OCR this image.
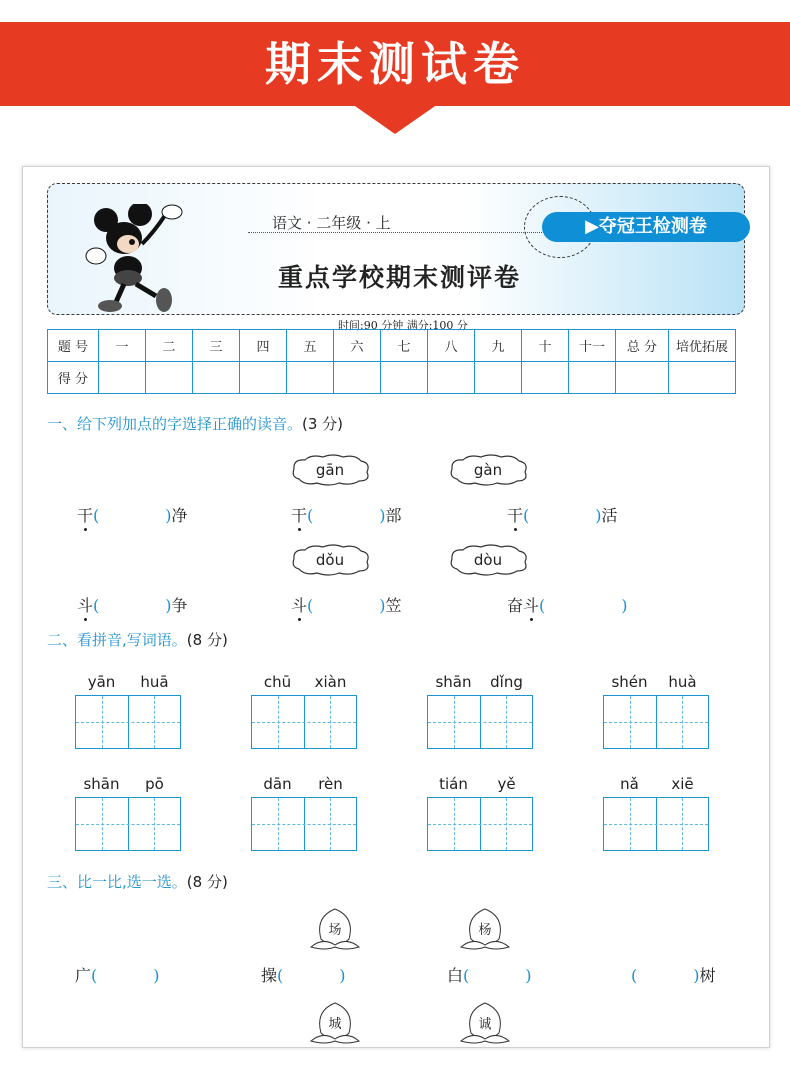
期末测试卷
语文 · 二年级 · 上	▶夺冠王检测卷
重点学校期末测评卷
时间:90 分钟 满分:100 分
题 号	一	二	三	四	五	六	七	八	九	十	十一	总 分	培优拓展
得 分													
一、给下列加点的字选择正确的读音。(3 分)
gān	gàn
干(	)净	干(	)部	干(	)活
dǒu	dòu
斗(	)争	斗(	)笠	奋斗(	)
二、看拼音,写词语。(8 分)
三、比一比,选一选。(8 分)
场	杨
广(	)	操(	)	白(	)	(	)树
城	诚
yān	huā	chū	xiàn	shān	dǐng	shén	huà
shān	pō	dān	rèn	tián	yě	nǎ	xiē
